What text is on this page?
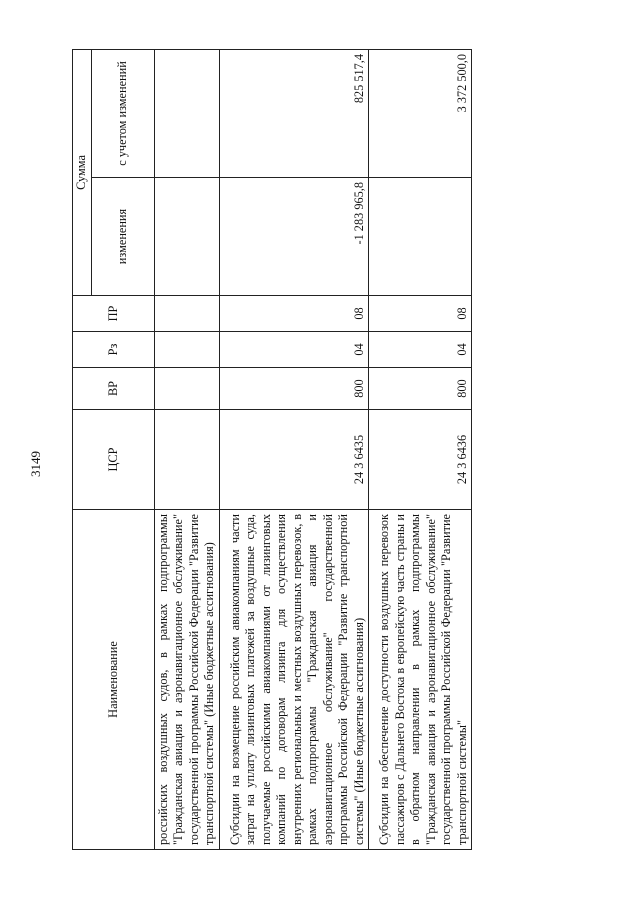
3149
Наименование	ЦСР	ВР	Рз	ПР	Сумма	
					изменения	с учетом изменений
российских воздушных судов, в рамках подпрограммы "Гражданская авиация и аэронавигационное обслуживание" государственной программы Российской Федерации "Развитие транспортной системы" (Иные бюджетные ассигнования)						
Субсидии на возмещение российским авиакомпаниям части затрат на уплату лизинговых платежей за воздушные суда, получаемые российскими авиакомпаниями от лизинговых компаний по договорам лизинга для осуществления внутренних региональных и местных воздушных перевозок, в рамках подпрограммы "Гражданская авиация и аэронавигационное обслуживание" государственной программы Российской Федерации "Развитие транспортной системы" (Иные бюджетные ассигнования)	24 3 6435	800	04	08	-1 283 965,8	825 517,4
Субсидии на обеспечение доступности воздушных перевозок пассажиров с Дальнего Востока в европейскую часть страны и в обратном направлении в рамках подпрограммы "Гражданская авиация и аэронавигационное обслуживание" государственной программы Российской Федерации "Развитие транспортной системы"	24 3 6436	800	04	08		3 372 500,0
